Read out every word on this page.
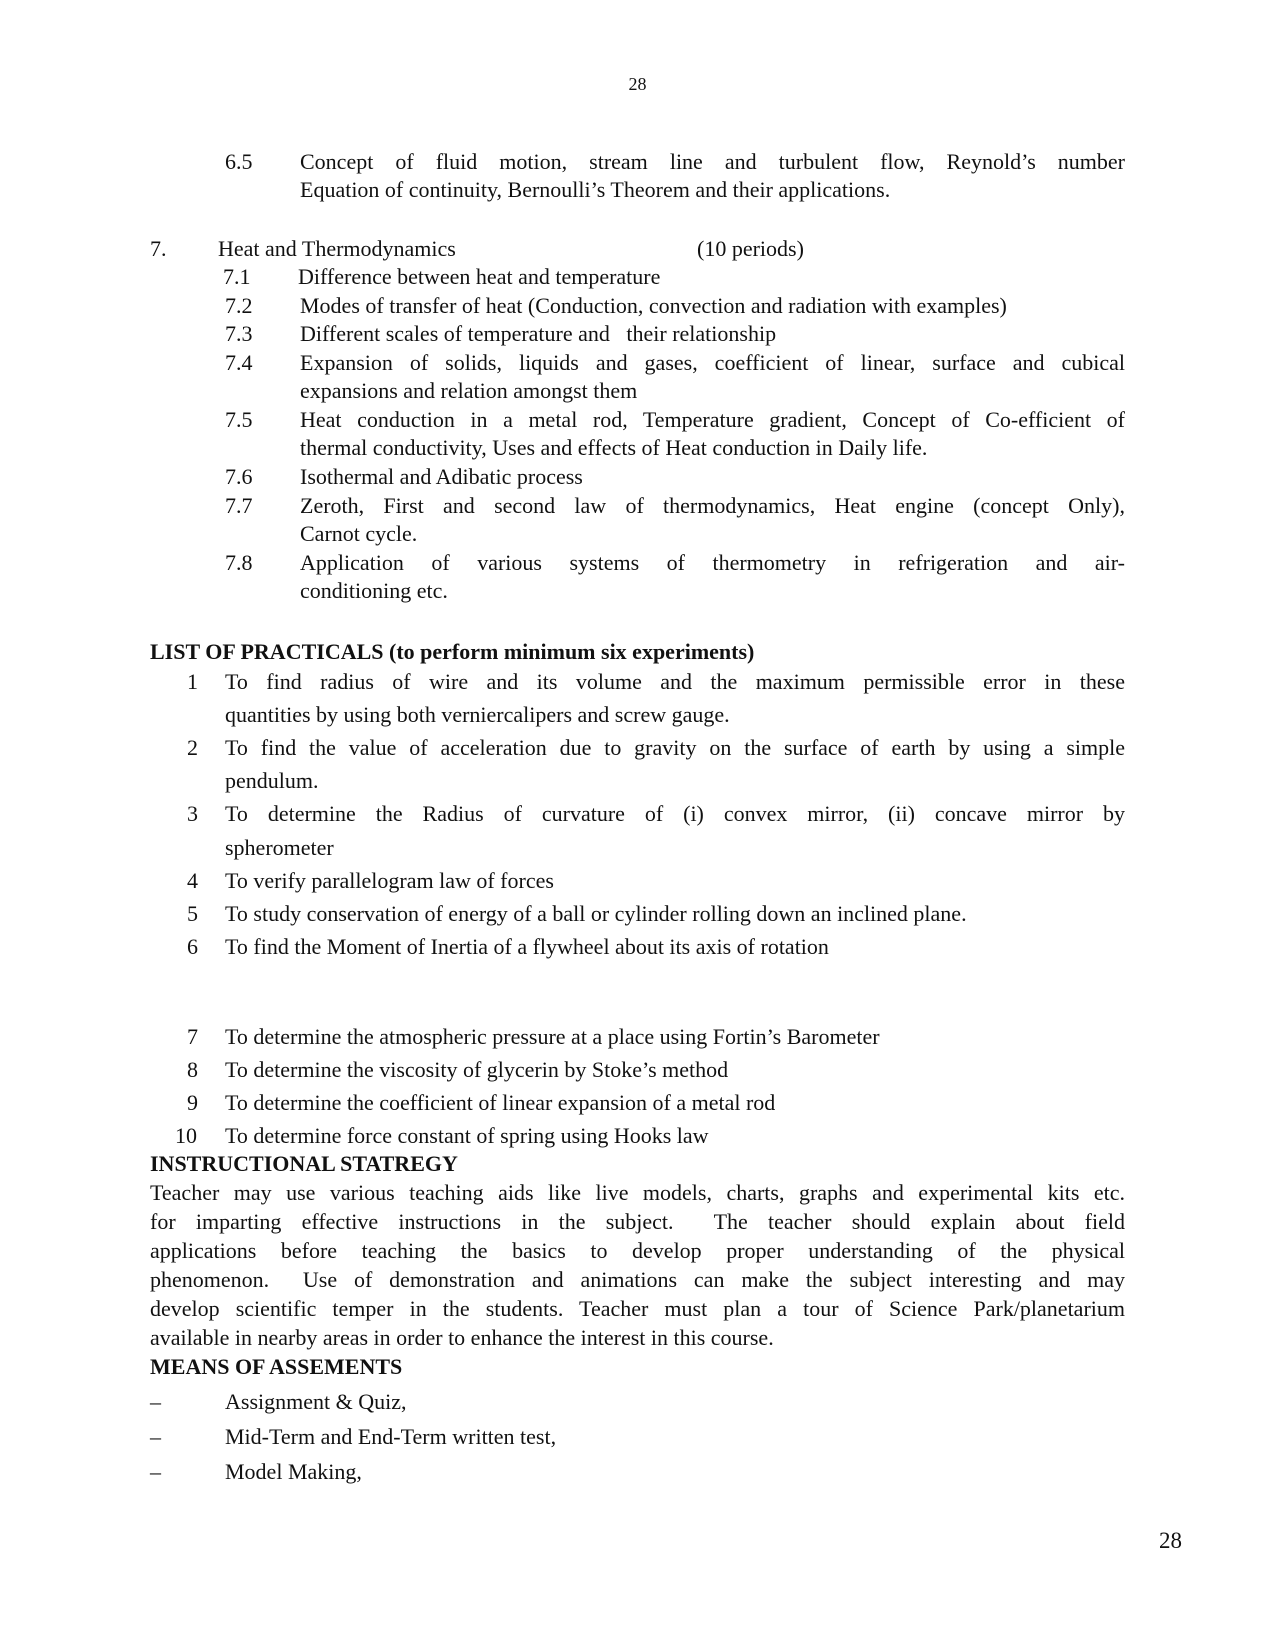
28
6.5 Concept of fluid motion, stream line and turbulent flow, Reynold’s number
Equation of continuity, Bernoulli’s Theorem and their applications.
7. Heat and Thermodynamics	(10 periods)
7.1 Difference between heat and temperature
7.2 Modes of transfer of heat (Conduction, convection and radiation with examples)
7.3 Different scales of temperature and   their relationship
7.4 Expansion of solids, liquids and gases, coefficient of linear, surface and cubical
expansions and relation amongst them
7.5 Heat conduction in a metal rod, Temperature gradient, Concept of Co-efficient of
thermal conductivity, Uses and effects of Heat conduction in Daily life.
7.6 Isothermal and Adibatic process
7.7 Zeroth, First and second law of thermodynamics, Heat engine (concept Only),
Carnot cycle.
7.8 Application of various systems of thermometry in refrigeration and air-
conditioning etc.
LIST OF PRACTICALS (to perform minimum six experiments)
1 To find radius of wire and its volume and the maximum permissible error in these
quantities by using both verniercalipers and screw gauge.
2 To find the value of acceleration due to gravity on the surface of earth by using a simple
pendulum.
3 To determine the Radius of curvature of (i) convex mirror, (ii) concave mirror by
spherometer
4 To verify parallelogram law of forces
5 To study conservation of energy of a ball or cylinder rolling down an inclined plane.
6 To find the Moment of Inertia of a flywheel about its axis of rotation
7 To determine the atmospheric pressure at a place using Fortin’s Barometer
8 To determine the viscosity of glycerin by Stoke’s method
9 To determine the coefficient of linear expansion of a metal rod
10 To determine force constant of spring using Hooks law
INSTRUCTIONAL STATREGY
Teacher may use various teaching aids like live models, charts, graphs and experimental kits etc.
for imparting effective instructions in the subject.  The teacher should explain about field
applications before teaching the basics to develop proper understanding of the physical
phenomenon.  Use of demonstration and animations can make the subject interesting and may
develop scientific temper in the students. Teacher must plan a tour of Science Park/planetarium
available in nearby areas in order to enhance the interest in this course.
MEANS OF ASSEMENTS
–	Assignment & Quiz,
–	Mid-Term and End-Term written test,
–	Model Making,
28
